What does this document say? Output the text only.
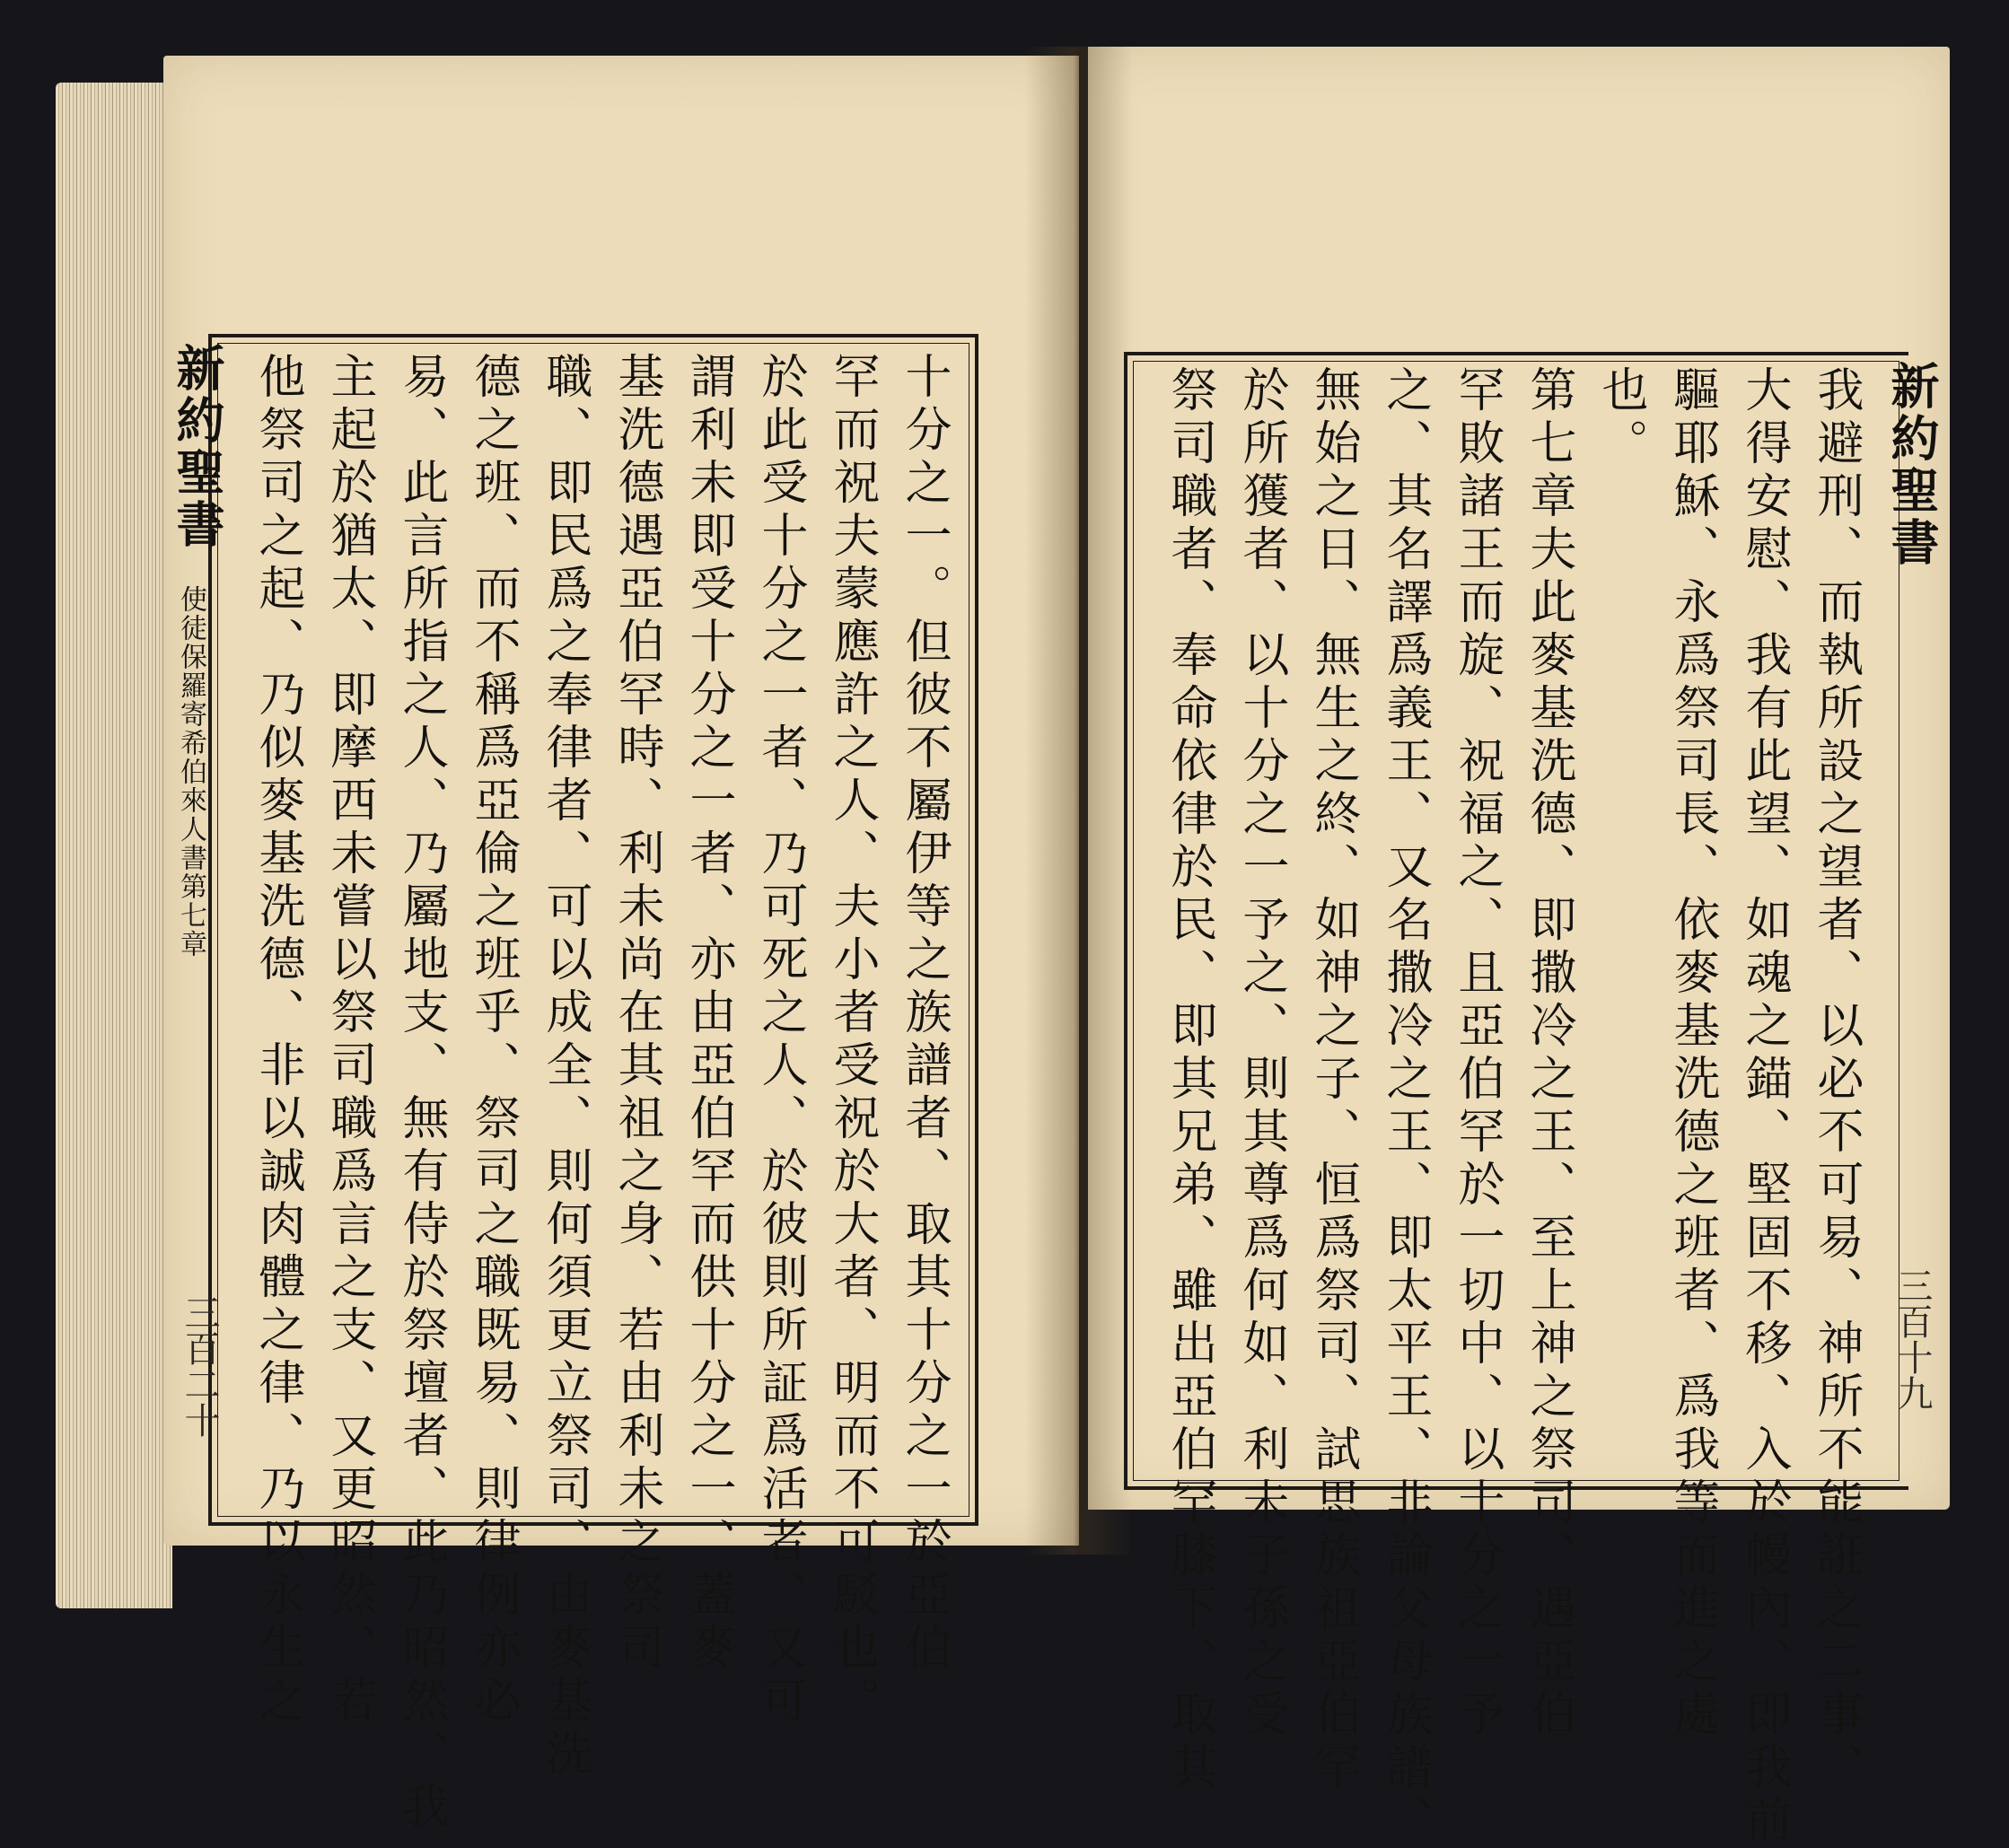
新約聖書
使徒保羅寄希伯來人書第七章
三百二十	十分之一。但彼不屬伊等之族譜者、取其十分之一於亞伯
罕而祝夫蒙應許之人、夫小者受祝於大者、明而不可駁也。
於此受十分之一者、乃可死之人、於彼則所証爲活者、又可
謂利未即受十分之一者、亦由亞伯罕而供十分之一、蓋麥
基洗德遇亞伯罕時、利未尚在其祖之身、若由利未之祭司
職、即民爲之奉律者、可以成全、則何須更立祭司、由麥基洗
德之班、而不稱爲亞倫之班乎、祭司之職既易、則律例亦必
易、此言所指之人、乃屬地支、無有侍於祭壇者、此乃昭然、我
主起於猶太、即摩西未嘗以祭司職爲言之支、又更昭然、若
他祭司之起、乃似麥基洗德、非以誠肉體之律、乃以永生之	新約聖書
三百十九
我避刑、而執所設之望者、以必不可易、神所不能誑之二事、
大得安慰、我有此望、如魂之錨、堅固不移、入於幔內、即我前
驅耶穌、永爲祭司長、依麥基洗德之班者、爲我等而進之處
也。
第七章夫此麥基洗德、即撒冷之王、至上神之祭司、遇亞伯
罕敗諸王而旋、祝福之、且亞伯罕於一切中、以十分之一予
之、其名譯爲義王、又名撒冷之王、即太平王、非論父母族譜、
無始之日、無生之終、如神之子、恒爲祭司、試思族祖亞伯罕
於所獲者、以十分之一予之、則其尊爲何如、利未子孫之受
祭司職者、奉命依律於民、即其兄弟、雖出亞伯罕膝下、取其
